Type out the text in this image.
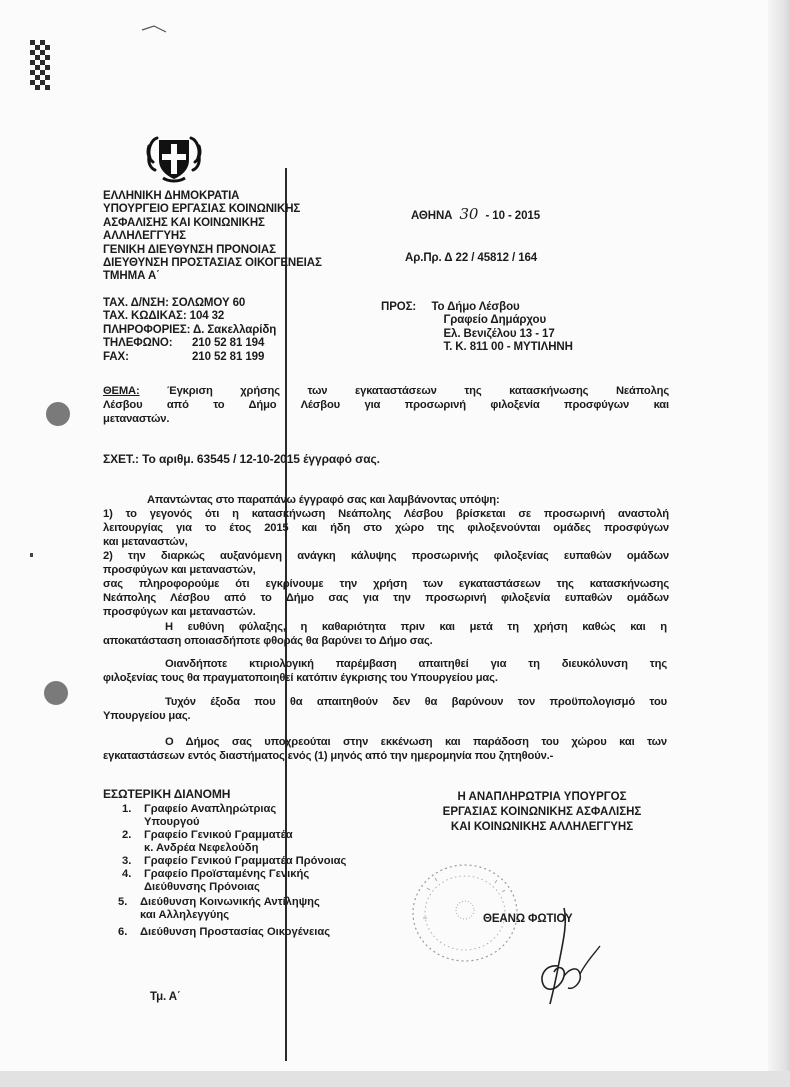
ΕΛΛΗΝΙΚΗ ΔΗΜΟΚΡΑΤΙΑ
ΥΠΟΥΡΓΕΙΟ ΕΡΓΑΣΙΑΣ ΚΟΙΝΩΝΙΚΗΣ
ΑΣΦΑΛΙΣΗΣ ΚΑΙ ΚΟΙΝΩΝΙΚΗΣ
ΑΛΛΗΛΕΓΓΥΗΣ
ΓΕΝΙΚΗ ΔΙΕΥΘΥΝΣΗ ΠΡΟΝΟΙΑΣ
ΔΙΕΥΘΥΝΣΗ ΠΡΟΣΤΑΣΙΑΣ ΟΙΚΟΓΕΝΕΙΑΣ
ΤΜΗΜΑ Α΄
ΤΑΧ. Δ/ΝΣΗ: ΣΟΛΩΜΟΥ 60
ΤΑΧ. ΚΩΔΙΚΑΣ: 104 32
ΠΛΗΡΟΦΟΡΙΕΣ: Δ. Σακελλαρίδη
ΤΗΛΕΦΩΝΟ: 210 52 81 194
FAX:	210 52 81 199
ΑΘΗΝΑ 30 - 10 - 2015
Αρ.Πρ. Δ 22 / 45812 / 164
ΠΡΟΣ: Το Δήμο Λέσβου
Γραφείο Δημάρχου
Ελ. Βενιζέλου 13 - 17
Τ. Κ. 811 00 - ΜΥΤΙΛΗΝΗ
ΘΕΜΑ: Έγκριση χρήσης των εγκαταστάσεων της κατασκήνωσης Νεάπολης
Λέσβου από το Δήμο Λέσβου για προσωρινή φιλοξενία προσφύγων και
μεταναστών.
ΣΧΕΤ.: Το αριθμ. 63545 / 12-10-2015 έγγραφό σας.
Απαντώντας στο παραπάνω έγγραφό σας και λαμβάνοντας υπόψη:
1) το γεγονός ότι η κατασκήνωση Νεάπολης Λέσβου βρίσκεται σε προσωρινή αναστολή
λειτουργίας για το έτος 2015 και ήδη στο χώρο της φιλοξενούνται ομάδες προσφύγων
και μεταναστών,
2) την διαρκώς αυξανόμενη ανάγκη κάλυψης προσωρινής φιλοξενίας ευπαθών ομάδων
προσφύγων και μεταναστών,
σας πληροφορούμε ότι εγκρίνουμε την χρήση των εγκαταστάσεων της κατασκήνωσης
Νεάπολης Λέσβου από το Δήμο σας για την προσωρινή φιλοξενία ευπαθών ομάδων
προσφύγων και μεταναστών.
Η ευθύνη φύλαξης, η καθαριότητα πριν και μετά τη χρήση καθώς και η
αποκατάσταση οποιασδήποτε φθοράς θα βαρύνει το Δήμο σας.
Οιανδήποτε κτιριολογική παρέμβαση απαιτηθεί για τη διευκόλυνση της
φιλοξενίας τους θα πραγματοποιηθεί κατόπιν έγκρισης του Υπουργείου μας.
Τυχόν έξοδα που θα απαιτηθούν δεν θα βαρύνουν τον προϋπολογισμό του
Υπουργείου μας.
Ο Δήμος σας υποχρεούται στην εκκένωση και παράδοση του χώρου και των
εγκαταστάσεων εντός διαστήματος ενός (1) μηνός από την ημερομηνία που ζητηθούν.-
ΕΣΩΤΕΡΙΚΗ ΔΙΑΝΟΜΗ
1. Γραφείο Αναπληρώτριας
Υπουργού
2. Γραφείο Γενικού Γραμματέα
κ. Ανδρέα Νεφελούδη
3. Γραφείο Γενικού Γραμματέα Πρόνοιας
4. Γραφείο Προϊσταμένης Γενικής
Διεύθυνσης Πρόνοιας
5. Διεύθυνση Κοινωνικής Αντίληψης
και Αλληλεγγύης
6. Διεύθυνση Προστασίας Οικογένειας
Τμ. Α΄
Η ΑΝΑΠΛΗΡΩΤΡΙΑ ΥΠΟΥΡΓΟΣ
ΕΡΓΑΣΙΑΣ ΚΟΙΝΩΝΙΚΗΣ ΑΣΦΑΛΙΣΗΣ
ΚΑΙ ΚΟΙΝΩΝΙΚΗΣ ΑΛΛΗΛΕΓΓΥΗΣ
ΘΕΑΝΩ ΦΩΤΙΟΥ
